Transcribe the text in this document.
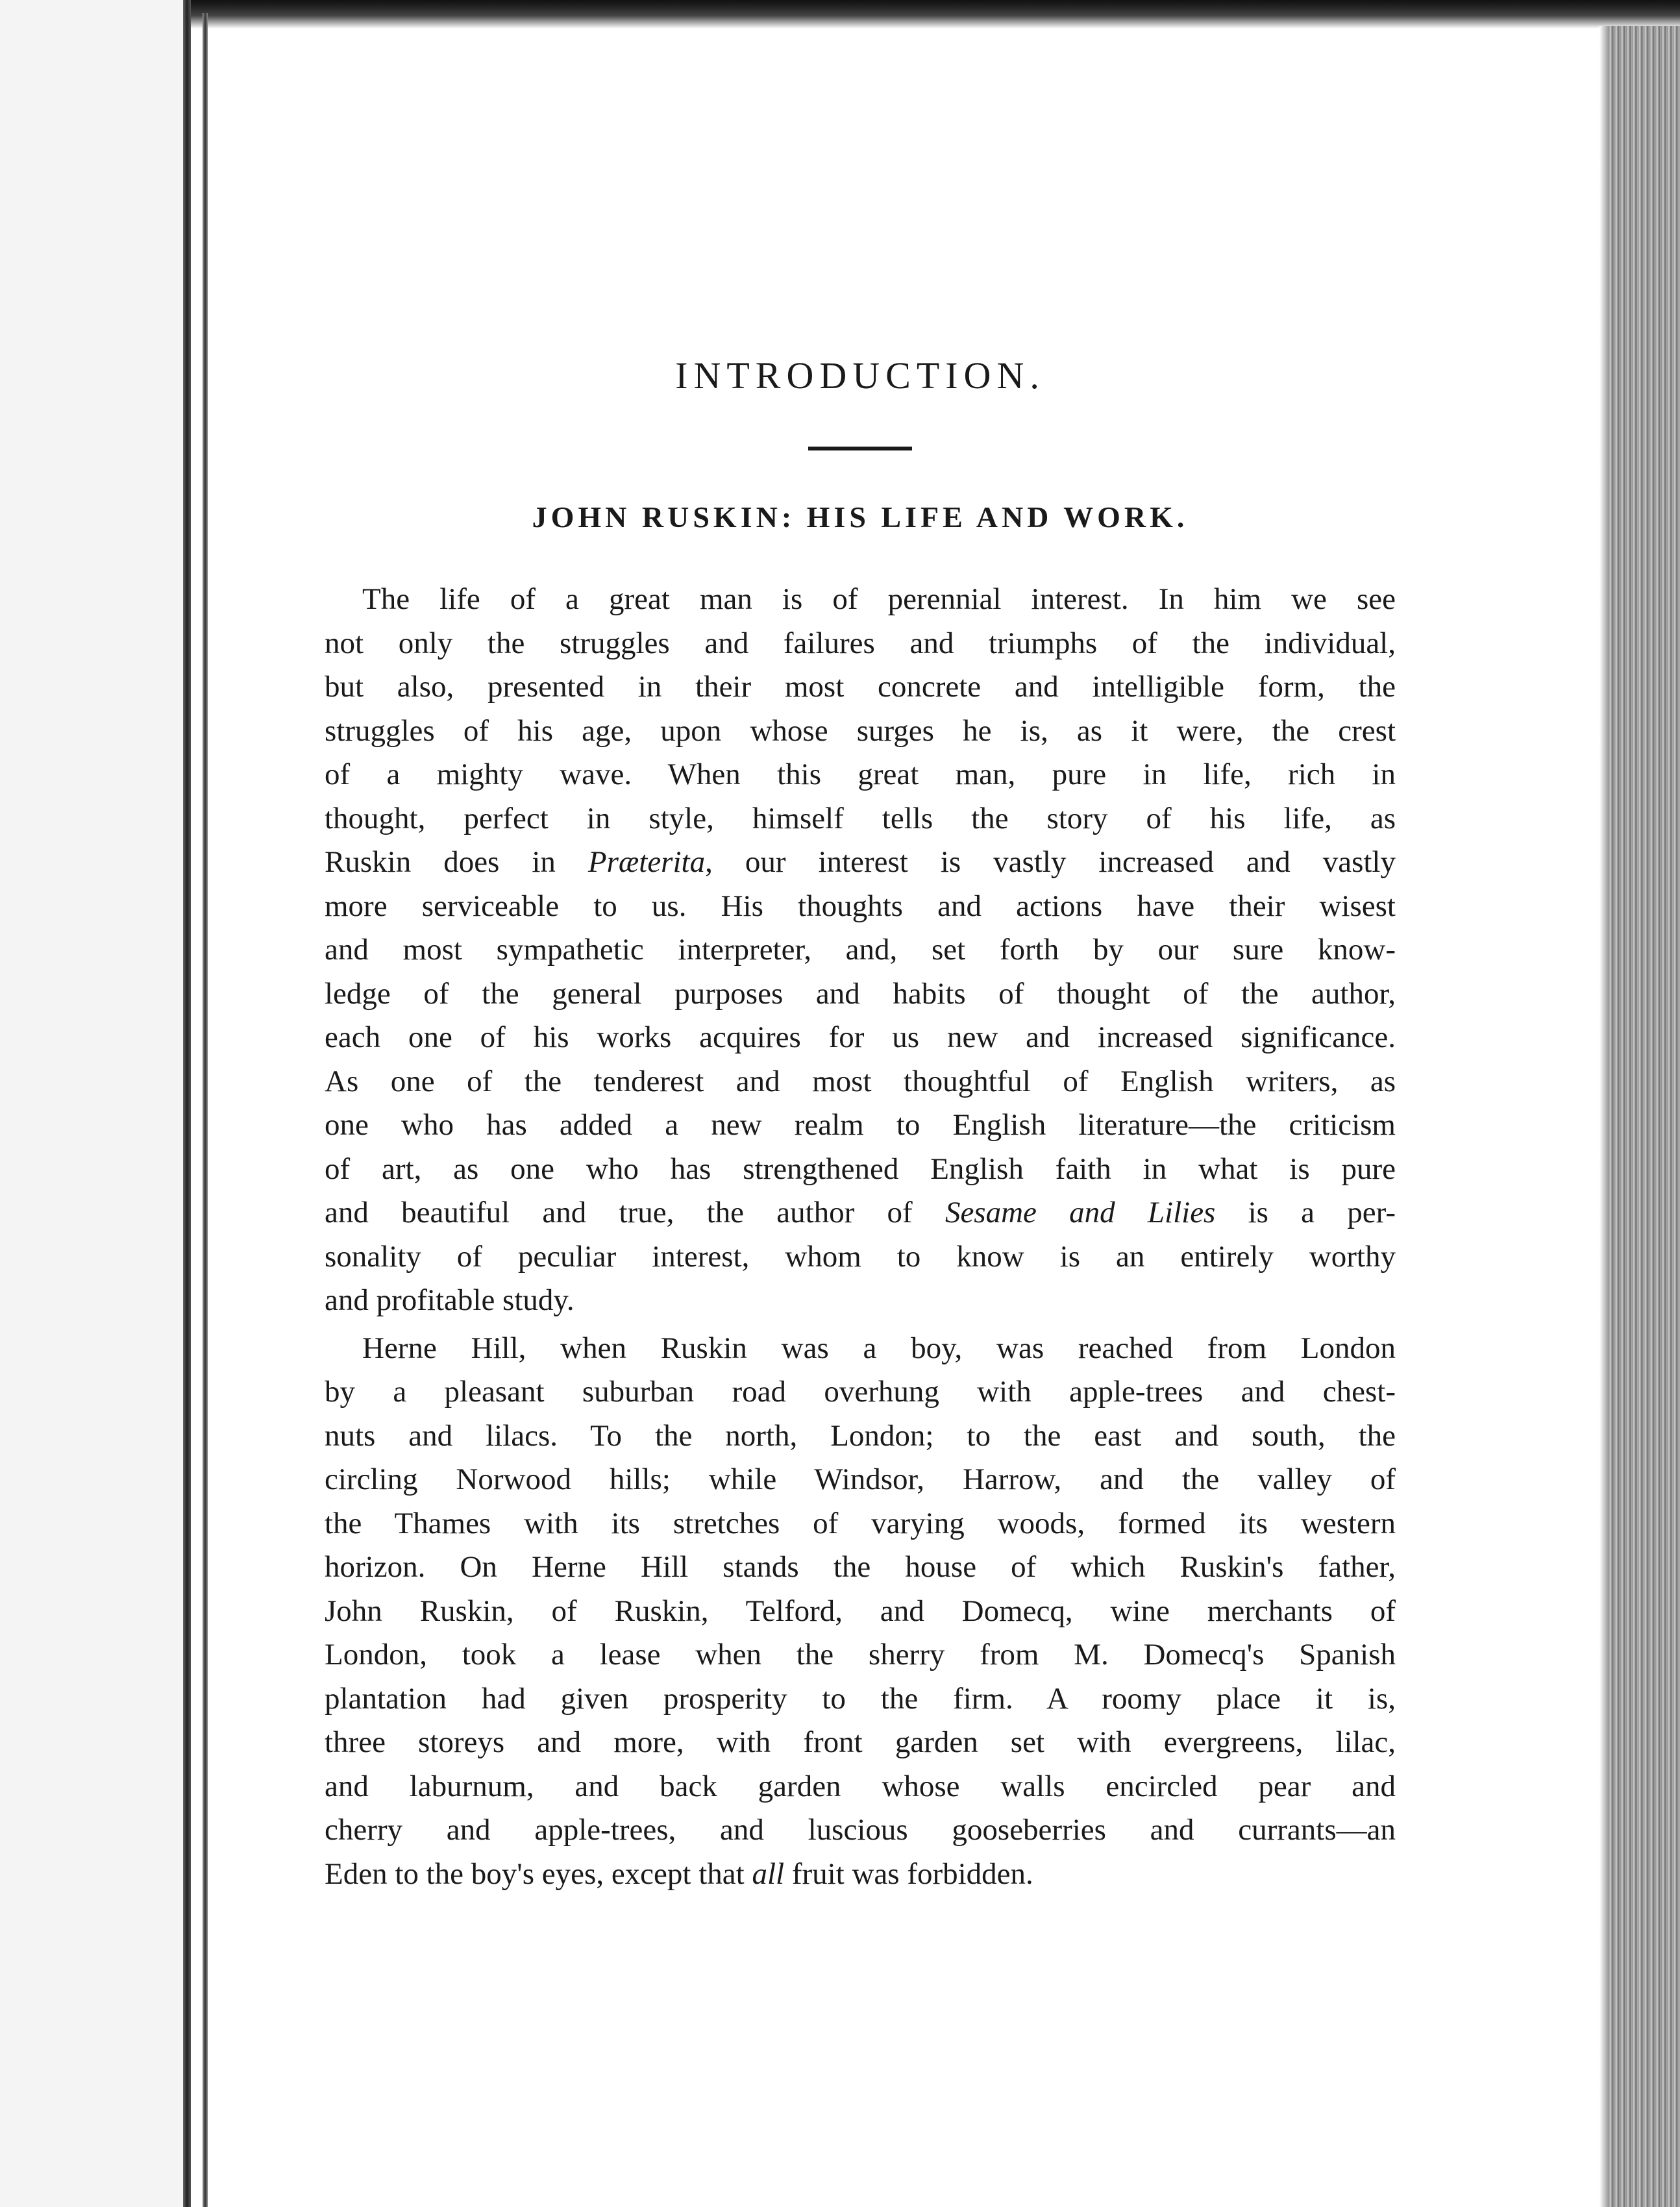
INTRODUCTION.
JOHN RUSKIN: HIS LIFE AND WORK.
The life of a great man is of perennial interest. In him we see
not only the struggles and failures and triumphs of the individual,
but also, presented in their most concrete and intelligible form, the
struggles of his age, upon whose surges he is, as it were, the crest
of a mighty wave. When this great man, pure in life, rich in
thought, perfect in style, himself tells the story of his life, as
Ruskin does in Præterita, our interest is vastly increased and vastly
more serviceable to us. His thoughts and actions have their wisest
and most sympathetic interpreter, and, set forth by our sure know-
ledge of the general purposes and habits of thought of the author,
each one of his works acquires for us new and increased significance.
As one of the tenderest and most thoughtful of English writers, as
one who has added a new realm to English literature—the criticism
of art, as one who has strengthened English faith in what is pure
and beautiful and true, the author of Sesame and Lilies is a per-
sonality of peculiar interest, whom to know is an entirely worthy
and profitable study.
Herne Hill, when Ruskin was a boy, was reached from London
by a pleasant suburban road overhung with apple-trees and chest-
nuts and lilacs. To the north, London; to the east and south, the
circling Norwood hills; while Windsor, Harrow, and the valley of
the Thames with its stretches of varying woods, formed its western
horizon. On Herne Hill stands the house of which Ruskin's father,
John Ruskin, of Ruskin, Telford, and Domecq, wine merchants of
London, took a lease when the sherry from M. Domecq's Spanish
plantation had given prosperity to the firm. A roomy place it is,
three storeys and more, with front garden set with evergreens, lilac,
and laburnum, and back garden whose walls encircled pear and
cherry and apple-trees, and luscious gooseberries and currants—an
Eden to the boy's eyes, except that all fruit was forbidden.
